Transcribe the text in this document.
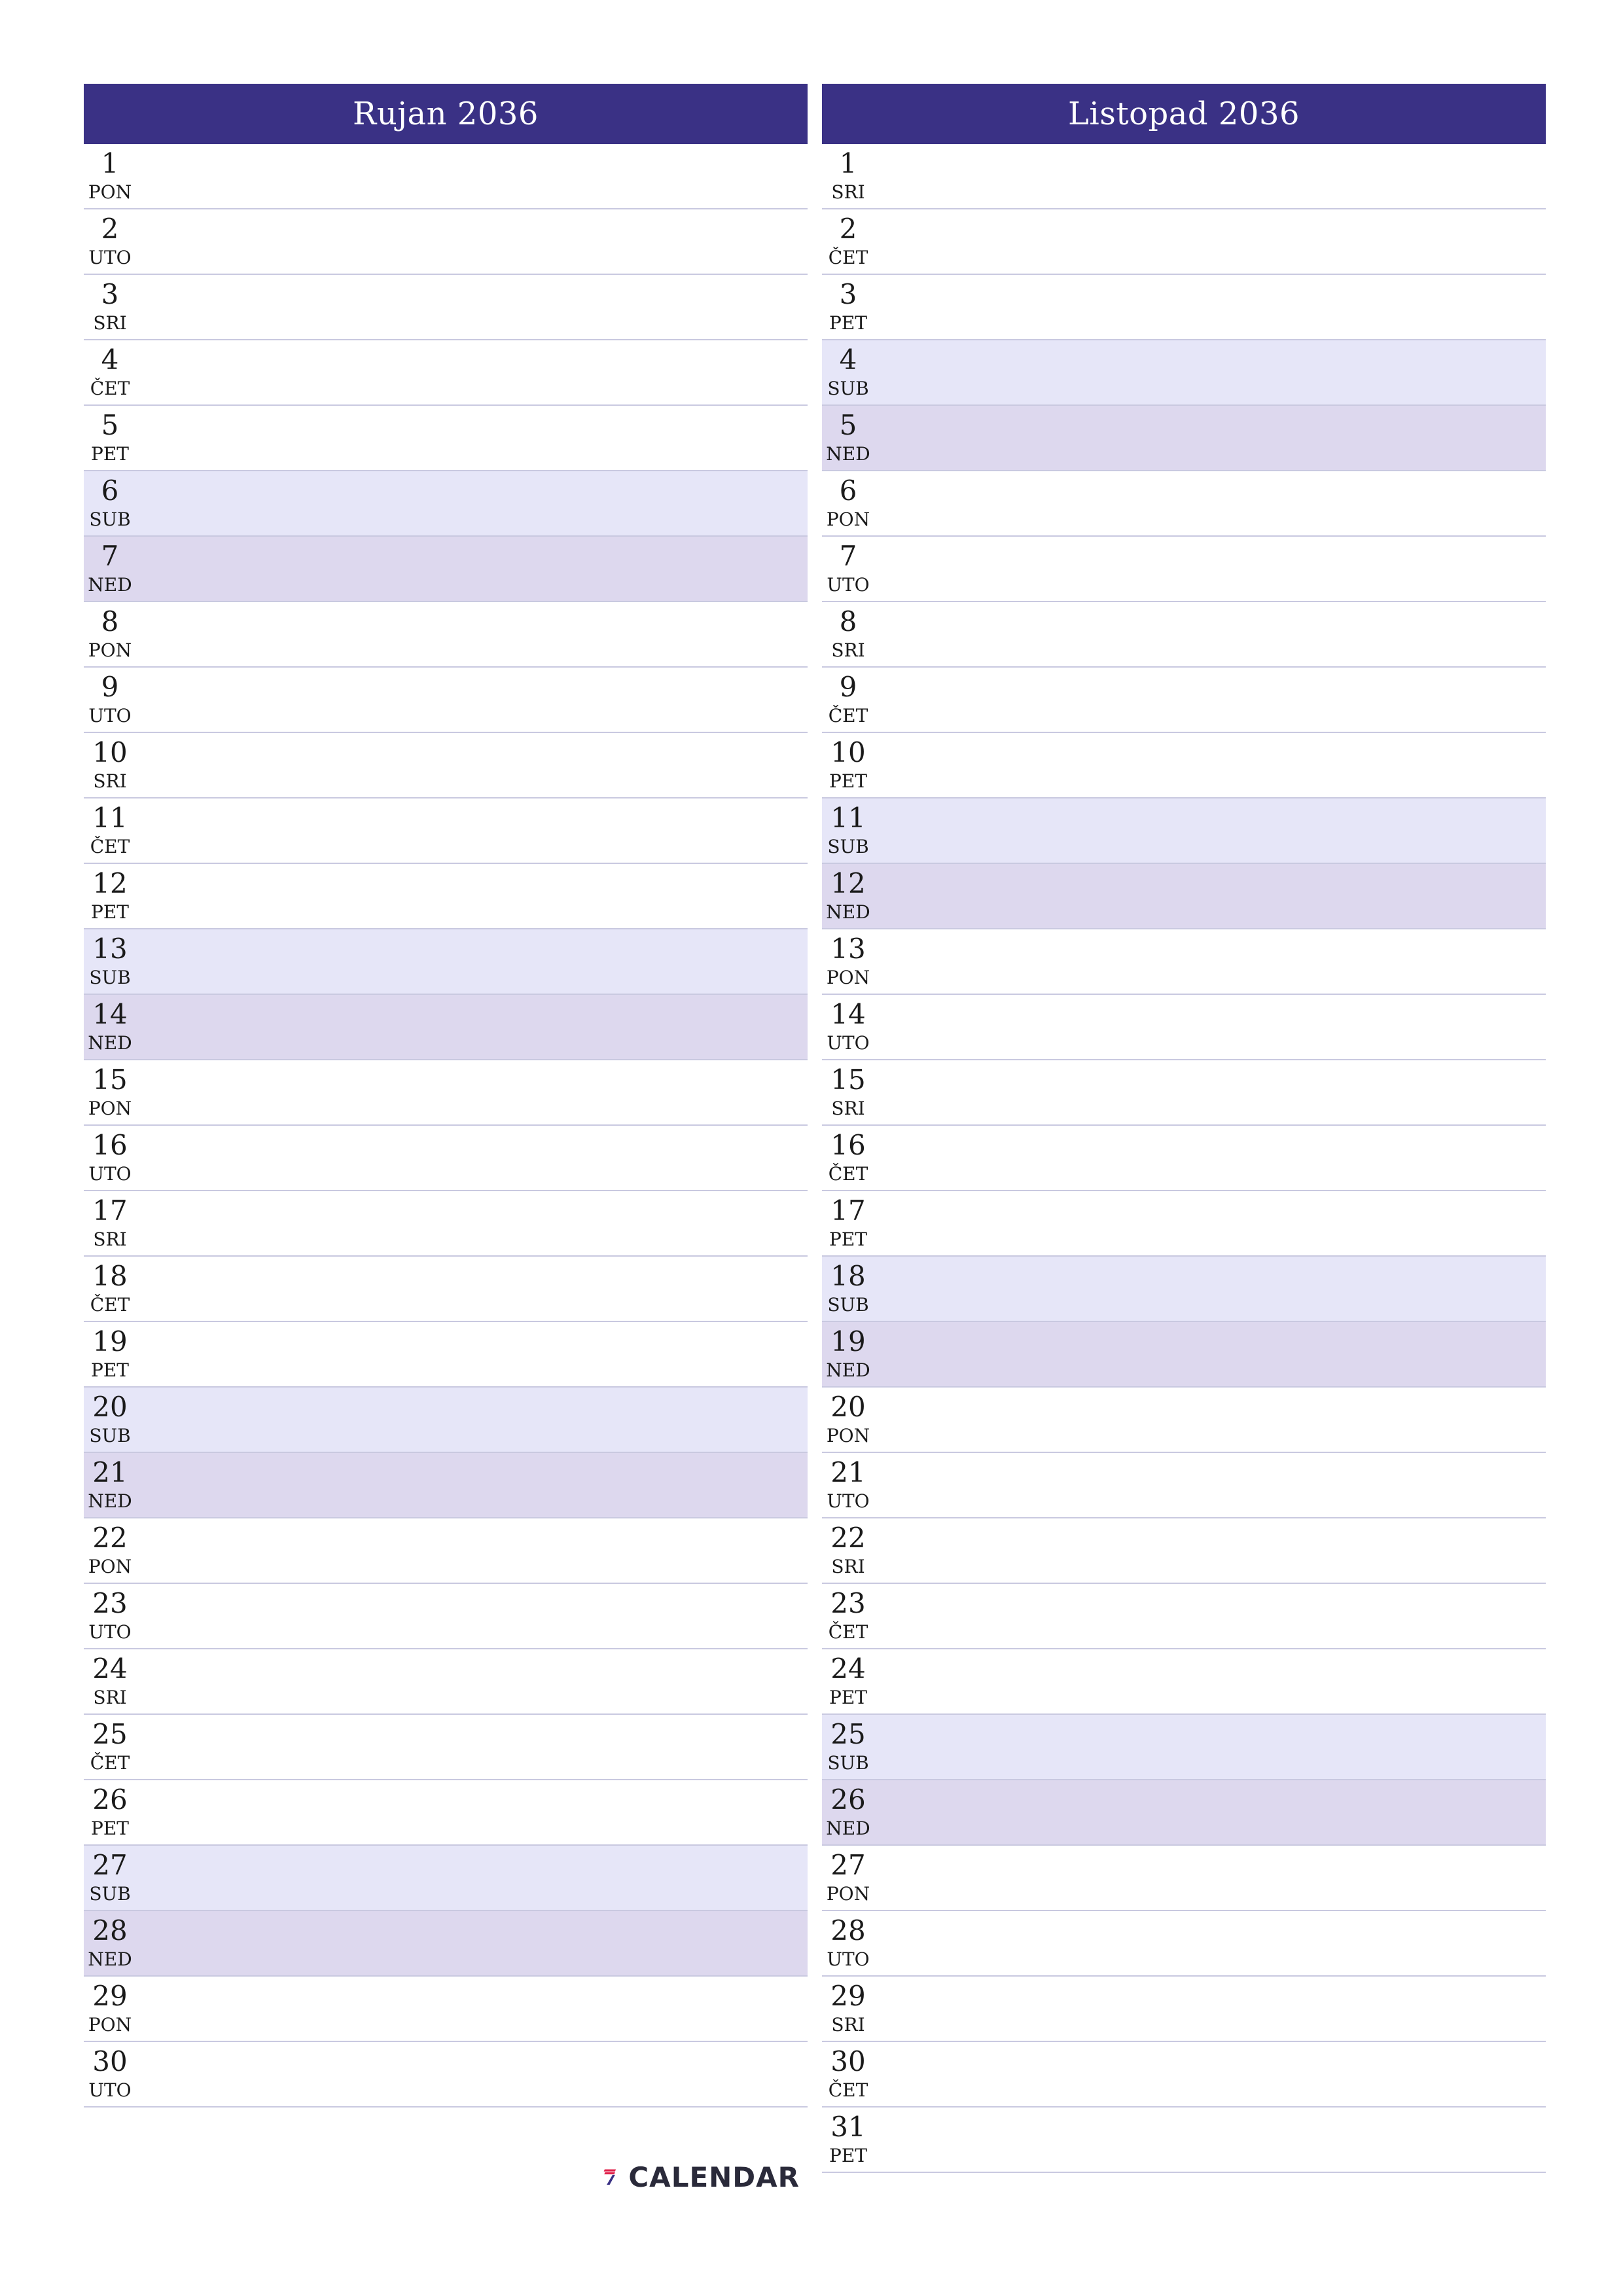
Rujan 2036
1
PON
2
UTO
3
SRI
4
ČET
5
PET
6
SUB
7
NED
8
PON
9
UTO
10
SRI
11
ČET
12
PET
13
SUB
14
NED
15
PON
16
UTO
17
SRI
18
ČET
19
PET
20
SUB
21
NED
22
PON
23
UTO
24
SRI
25
ČET
26
PET
27
SUB
28
NED
29
PON
30
UTO
Listopad 2036
1
SRI
2
ČET
3
PET
4
SUB
5
NED
6
PON
7
UTO
8
SRI
9
ČET
10
PET
11
SUB
12
NED
13
PON
14
UTO
15
SRI
16
ČET
17
PET
18
SUB
19
NED
20
PON
21
UTO
22
SRI
23
ČET
24
PET
25
SUB
26
NED
27
PON
28
UTO
29
SRI
30
ČET
31
PET
CALENDAR
